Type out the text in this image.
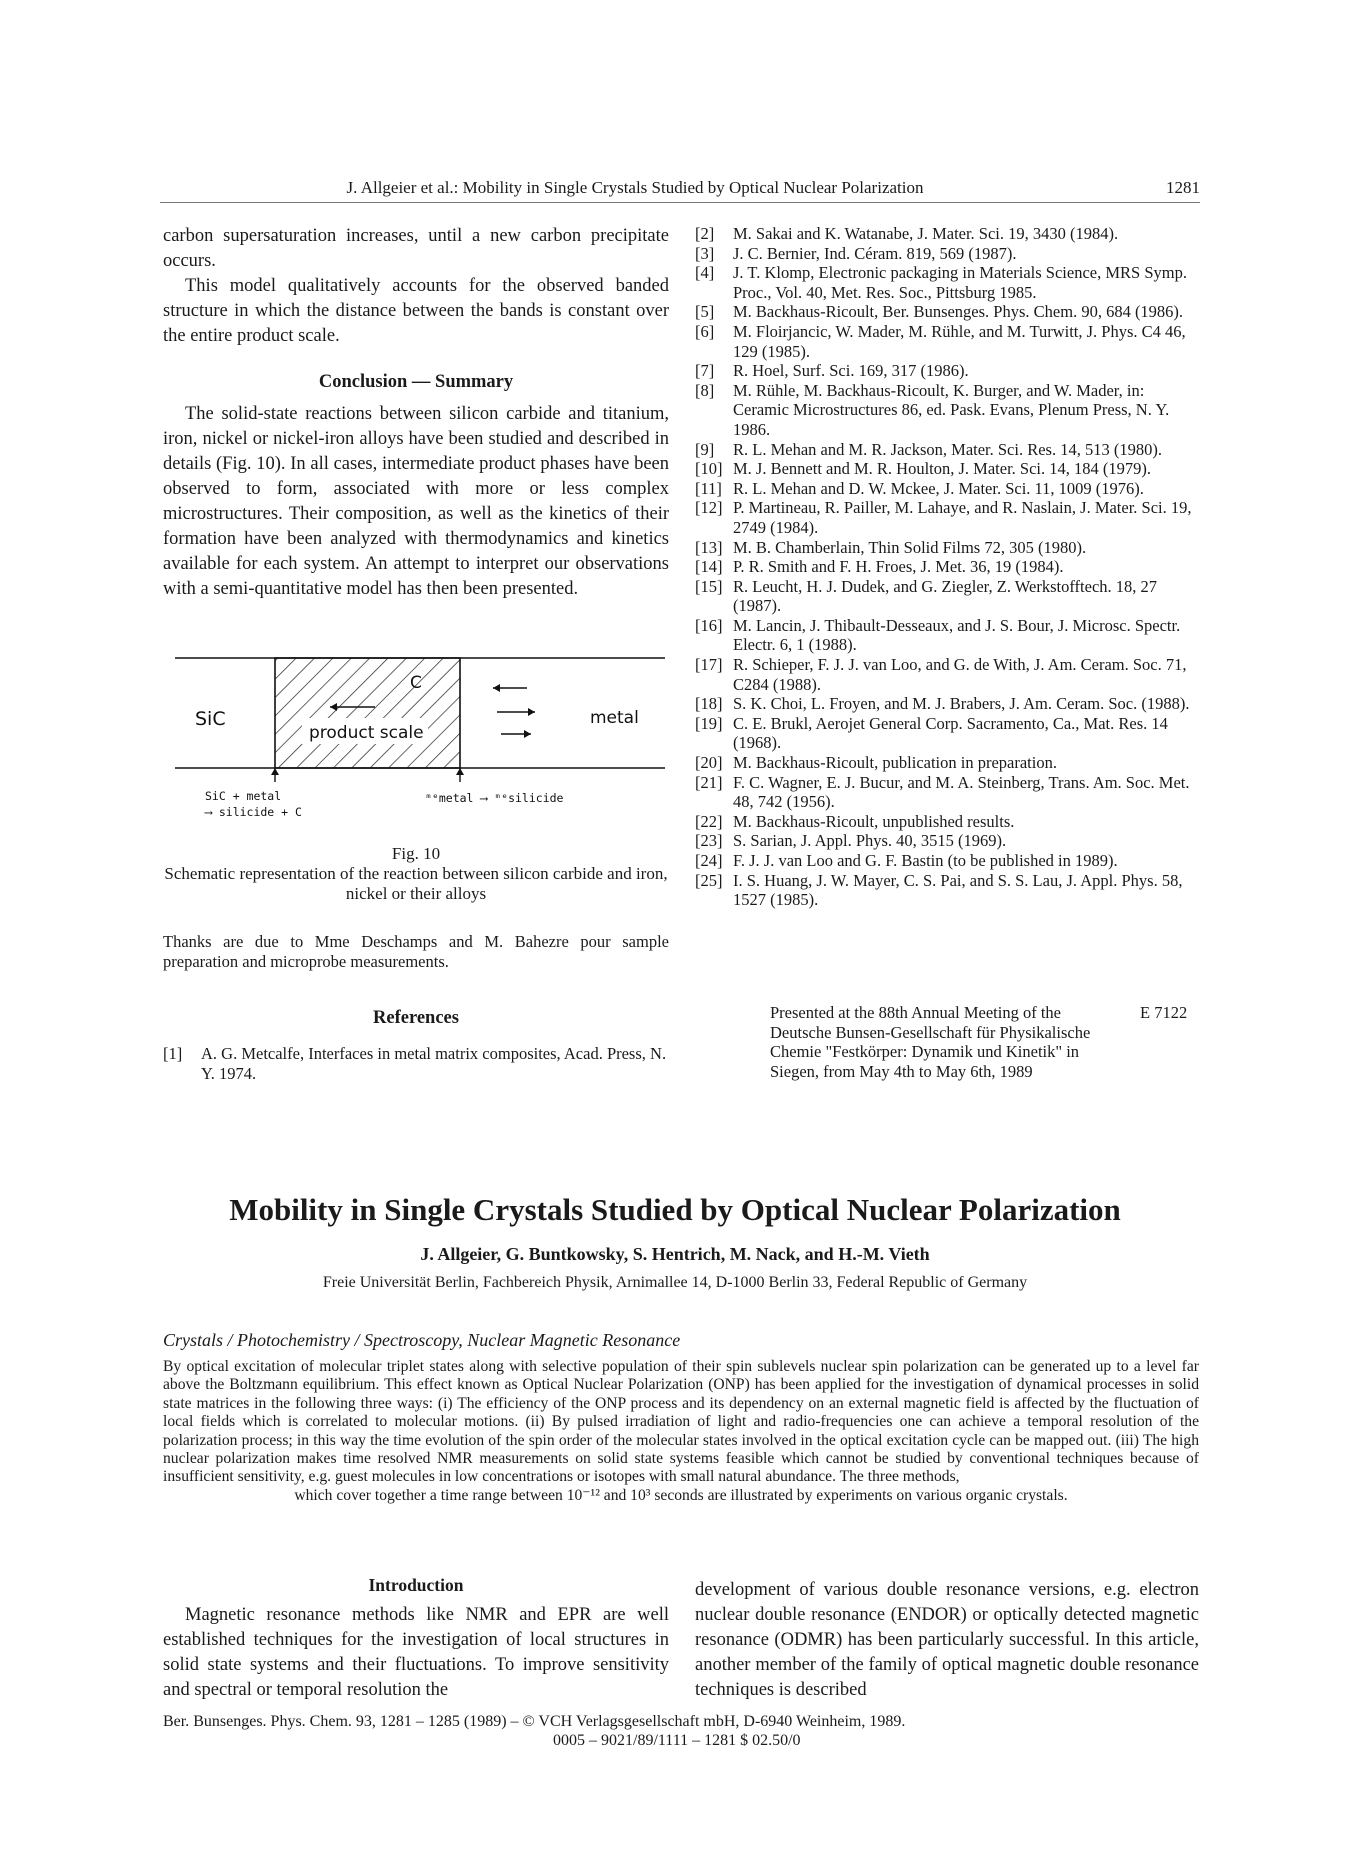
J. Allgeier et al.: Mobility in Single Crystals Studied by Optical Nuclear Polarization	1281

carbon supersaturation increases, until a new carbon precipitate occurs.

This model qualitatively accounts for the observed banded structure in which the distance between the bands is constant over the entire product scale.

Conclusion — Summary

The solid-state reactions between silicon carbide and titanium, iron, nickel or nickel-iron alloys have been studied and described in details (Fig. 10). In all cases, intermediate product phases have been observed to form, associated with more or less complex microstructures. Their composition, as well as the kinetics of their formation have been analyzed with thermodynamics and kinetics available for each system. An attempt to interpret our observations with a semi-quantitative model has then been presented.

SiC	metal
product scale
C
SiC + metal
⟶ silicide + C
ᵐᵉmetal ⟶ ᵐᵉsilicide
Fig. 10
Schematic representation of the reaction between silicon carbide and iron, nickel or their alloys
Thanks are due to Mme Deschamps and M. Bahezre pour sample preparation and microprobe measurements.
References
[1]	A. G. Metcalfe, Interfaces in metal matrix composites, Acad. Press, N. Y. 1974.
[2]	M. Sakai and K. Watanabe, J. Mater. Sci. 19, 3430 (1984).
[3]	J. C. Bernier, Ind. Céram. 819, 569 (1987).
[4]	J. T. Klomp, Electronic packaging in Materials Science, MRS Symp. Proc., Vol. 40, Met. Res. Soc., Pittsburg 1985.
[5]	M. Backhaus-Ricoult, Ber. Bunsenges. Phys. Chem. 90, 684 (1986).
[6]	M. Floirjancic, W. Mader, M. Rühle, and M. Turwitt, J. Phys. C4 46, 129 (1985).
[7]	R. Hoel, Surf. Sci. 169, 317 (1986).
[8]	M. Rühle, M. Backhaus-Ricoult, K. Burger, and W. Mader, in: Ceramic Microstructures 86, ed. Pask. Evans, Plenum Press, N. Y. 1986.
[9]	R. L. Mehan and M. R. Jackson, Mater. Sci. Res. 14, 513 (1980).
[10] M. J. Bennett and M. R. Houlton, J. Mater. Sci. 14, 184 (1979).
[11] R. L. Mehan and D. W. Mckee, J. Mater. Sci. 11, 1009 (1976).
[12] P. Martineau, R. Pailler, M. Lahaye, and R. Naslain, J. Mater. Sci. 19, 2749 (1984).
[13] M. B. Chamberlain, Thin Solid Films 72, 305 (1980).
[14] P. R. Smith and F. H. Froes, J. Met. 36, 19 (1984).
[15] R. Leucht, H. J. Dudek, and G. Ziegler, Z. Werkstofftech. 18, 27 (1987).
[16] M. Lancin, J. Thibault-Desseaux, and J. S. Bour, J. Microsc. Spectr. Electr. 6, 1 (1988).
[17] R. Schieper, F. J. J. van Loo, and G. de With, J. Am. Ceram. Soc. 71, C284 (1988).
[18] S. K. Choi, L. Froyen, and M. J. Brabers, J. Am. Ceram. Soc. (1988).
[19] C. E. Brukl, Aerojet General Corp. Sacramento, Ca., Mat. Res. 14 (1968).
[20] M. Backhaus-Ricoult, publication in preparation.
[21] F. C. Wagner, E. J. Bucur, and M. A. Steinberg, Trans. Am. Soc. Met. 48, 742 (1956).
[22] M. Backhaus-Ricoult, unpublished results.
[23] S. Sarian, J. Appl. Phys. 40, 3515 (1969).
[24] F. J. J. van Loo and G. F. Bastin (to be published in 1989).
[25] I. S. Huang, J. W. Mayer, C. S. Pai, and S. S. Lau, J. Appl. Phys. 58, 1527 (1985).
Presented at the 88th Annual Meeting of the Deutsche Bunsen-Gesellschaft für Physikalische Chemie "Festkörper: Dynamik und Kinetik" in Siegen, from May 4th to May 6th, 1989
E 7122
Mobility in Single Crystals Studied by Optical Nuclear Polarization
J. Allgeier, G. Buntkowsky, S. Hentrich, M. Nack, and H.-M. Vieth
Freie Universität Berlin, Fachbereich Physik, Arnimallee 14, D-1000 Berlin 33, Federal Republic of Germany
Crystals / Photochemistry / Spectroscopy, Nuclear Magnetic Resonance

By optical excitation of molecular triplet states along with selective population of their spin sublevels nuclear spin polarization can be generated up to a level far above the Boltzmann equilibrium. This effect known as Optical Nuclear Polarization (ONP) has been applied for the investigation of dynamical processes in solid state matrices in the following three ways: (i) The efficiency of the ONP process and its dependency on an external magnetic field is affected by the fluctuation of local fields which is correlated to molecular motions. (ii) By pulsed irradiation of light and radio-frequencies one can achieve a temporal resolution of the polarization process; in this way the time evolution of the spin order of the molecular states involved in the optical excitation cycle can be mapped out. (iii) The high nuclear polarization makes time resolved NMR measurements on solid state systems feasible which cannot be studied by conventional techniques because of insufficient sensitivity, e.g. guest molecules in low concentrations or isotopes with small natural abundance. The three methods,

which cover together a time range between 10⁻¹² and 10³ seconds are illustrated by experiments on various organic crystals.

Introduction

Magnetic resonance methods like NMR and EPR are well established techniques for the investigation of local structures in solid state systems and their fluctuations. To improve sensitivity and spectral or temporal resolution the

development of various double resonance versions, e.g. electron nuclear double resonance (ENDOR) or optically detected magnetic resonance (ODMR) has been particularly successful. In this article, another member of the family of optical magnetic double resonance techniques is described

Ber. Bunsenges. Phys. Chem. 93, 1281 – 1285 (1989) – © VCH Verlagsgesellschaft mbH, D-6940 Weinheim, 1989.
0005 – 9021/89/1111 – 1281 $ 02.50/0
